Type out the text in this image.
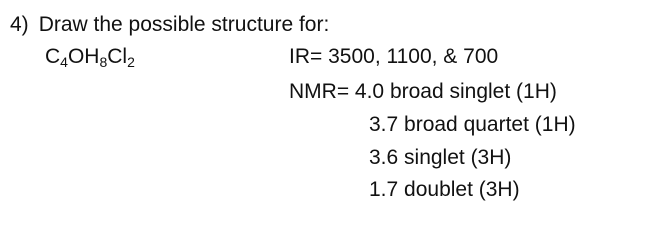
4) Draw the possible structure for:
$C_4OH_8Cl_2$	IR= 3500, 1100, & 700
NMR= 4.0 broad singlet (1H)
3.7 broad quartet (1H)
3.6 singlet (3H)
1.7 doublet (3H)
